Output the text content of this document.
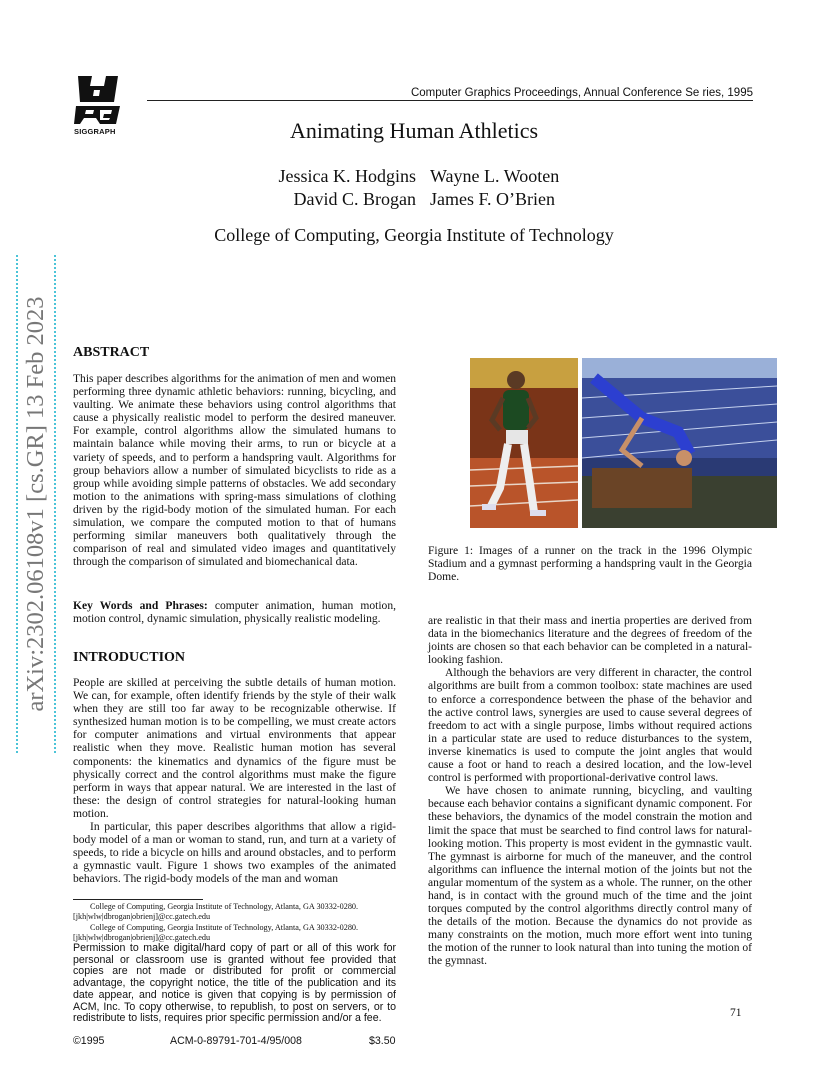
SIGGRAPH
Computer Graphics Proceedings, Annual Conference Se ries, 1995
Animating Human Athletics
Jessica K. Hodgins Wayne L. Wooten
David C. Brogan James F. O’Brien
College of Computing, Georgia Institute of Technology
arXiv:2302.06108v1 [cs.GR] 13 Feb 2023 ABSTRACT
This paper describes algorithms for the animation of men and women performing three dynamic athletic behaviors: running, bicycling, and vaulting. We animate these behaviors using control algorithms that cause a physically realistic model to perform the desired maneuver. For example, control algorithms allow the simulated humans to maintain balance while moving their arms, to run or bicycle at a variety of speeds, and to perform a handspring vault. Algorithms for group behaviors allow a number of simulated bicyclists to ride as a group while avoiding simple patterns of obstacles. We add secondary motion to the animations with spring-mass simulations of clothing driven by the rigid-body motion of the simulated human. For each simulation, we compare the computed motion to that of humans performing similar maneuvers both qualitatively through the comparison of real and simulated video images and quantitatively through the comparison of simulated and biomechanical data.
Key Words and Phrases: computer animation, human motion, motion control, dynamic simulation, physically realistic modeling.
INTRODUCTION

People are skilled at perceiving the subtle details of human motion. We can, for example, often identify friends by the style of their walk when they are still too far away to be recognizable otherwise. If synthesized human motion is to be compelling, we must create actors for computer animations and virtual environments that appear realistic when they move. Realistic human motion has several components: the kinematics and dynamics of the figure must be physically correct and the control algorithms must make the figure perform in ways that appear natural. We are interested in the last of these: the design of control strategies for natural-looking human motion.

In particular, this paper describes algorithms that allow a rigid-body model of a man or woman to stand, run, and turn at a variety of speeds, to ride a bicycle on hills and around obstacles, and to perform a gymnastic vault. Figure 1 shows two examples of the animated behaviors. The rigid-body models of the man and woman

College of Computing, Georgia Institute of Technology, Atlanta, GA 30332-0280. [jkh|wlw|dbrogan|obrienj]@cc.gatech.edu
College of Computing, Georgia Institute of Technology, Atlanta, GA 30332-0280. [jkh|wlw|dbrogan|obrienj]@cc.gatech.edu
Permission to make digital/hard copy of part or all of this work for personal or classroom use is granted without fee provided that copies are not made or distributed for profit or commercial advantage, the copyright notice, the title of the publication and its date appear, and notice is given that copying is by permission of ACM, Inc. To copy otherwise, to republish, to post on servers, or to redistribute to lists, requires prior specific permission and/or a fee.
©1995	ACM-0-89791-701-4/95/008	$3.50
Figure 1: Images of a runner on the track in the 1996 Olympic Stadium and a gymnast performing a handspring vault in the Georgia Dome.

are realistic in that their mass and inertia properties are derived from data in the biomechanics literature and the degrees of freedom of the joints are chosen so that each behavior can be completed in a natural-looking fashion.

Although the behaviors are very different in character, the control algorithms are built from a common toolbox: state machines are used to enforce a correspondence between the phase of the behavior and the active control laws, synergies are used to cause several degrees of freedom to act with a single purpose, limbs without required actions in a particular state are used to reduce disturbances to the system, inverse kinematics is used to compute the joint angles that would cause a foot or hand to reach a desired location, and the low-level control is performed with proportional-derivative control laws.

We have chosen to animate running, bicycling, and vaulting because each behavior contains a significant dynamic component. For these behaviors, the dynamics of the model constrain the motion and limit the space that must be searched to find control laws for natural-looking motion. This property is most evident in the gymnastic vault. The gymnast is airborne for much of the maneuver, and the control algorithms can influence the internal motion of the joints but not the angular momentum of the system as a whole. The runner, on the other hand, is in contact with the ground much of the time and the joint torques computed by the control algorithms directly control many of the details of the motion. Because the dynamics do not provide as many constraints on the motion, much more effort went into tuning the motion of the runner to look natural than into tuning the motion of the gymnast.

71
